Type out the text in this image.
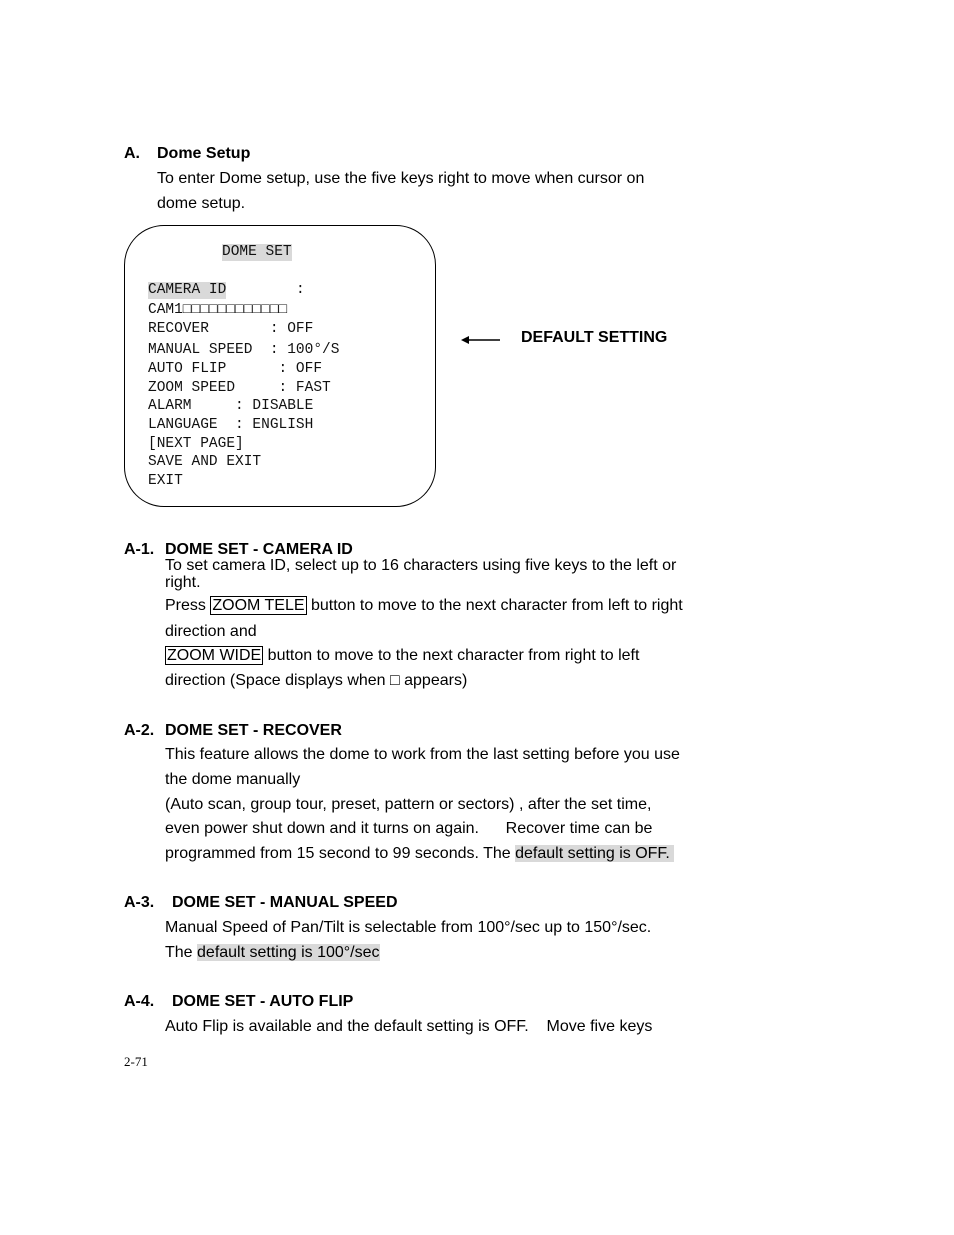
A. Dome Setup
To enter Dome setup, use the five keys right to move when cursor on
dome setup.
DOME SET
CAMERA ID	:
CAM1□□□□□□□□□□□□
RECOVER       : OFF
MANUAL SPEED  : 100°/S
AUTO FLIP      : OFF
ZOOM SPEED     : FAST
ALARM     : DISABLE
LANGUAGE  : ENGLISH
[NEXT PAGE]
SAVE AND EXIT
EXIT
DEFAULT SETTING
A-1. DOME SET - CAMERA ID
To set camera ID, select up to 16 characters using five keys to the left or
right.
Press ZOOM TELE button to move to the next character from left to right
direction and
ZOOM WIDE button to move to the next character from right to left
direction (Space displays when □ appears)
A-2. DOME SET - RECOVER
This feature allows the dome to work from the last setting before you use
the dome manually
(Auto scan, group tour, preset, pattern or sectors) , after the set time,
even power shut down and it turns on again.      Recover time can be
programmed from 15 second to 99 seconds. The default setting is OFF.
A-3. DOME SET - MANUAL SPEED
Manual Speed of Pan/Tilt is selectable from 100°/sec up to 150°/sec.
The default setting is 100°/sec
A-4. DOME SET - AUTO FLIP
Auto Flip is available and the default setting is OFF.    Move five keys
2-71
